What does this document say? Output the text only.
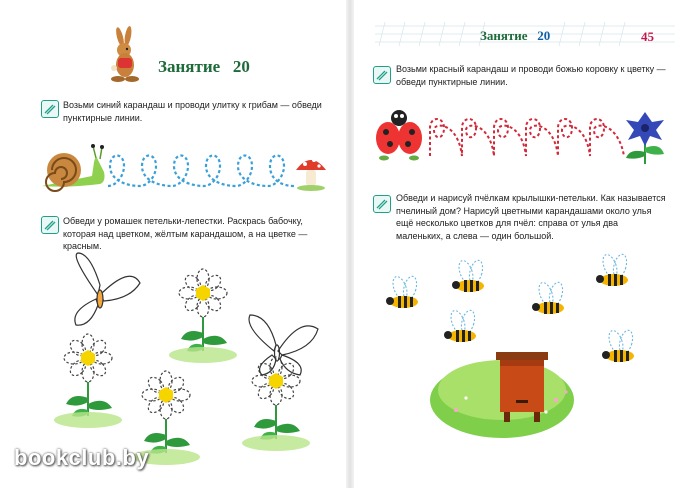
Занятие 20
Возьми синий карандаш и проводи улитку к грибам — обведи пунктирные линии.
Обведи у ромашек петельки-лепестки. Раскрась бабочку, которая над цветком, жёлтым карандашом, а на цветке — красным.
bookclub.by
Занятие 20	45
Возьми красный карандаш и проводи божью коровку к цветку — обведи пунктирные линии.
Обведи и нарисуй пчёлкам крылышки-петельки. Как называется пчелиный дом? Нарисуй цветными карандашами около улья ещё несколько цветков для пчёл: справа от улья два маленьких, а слева — один большой.
